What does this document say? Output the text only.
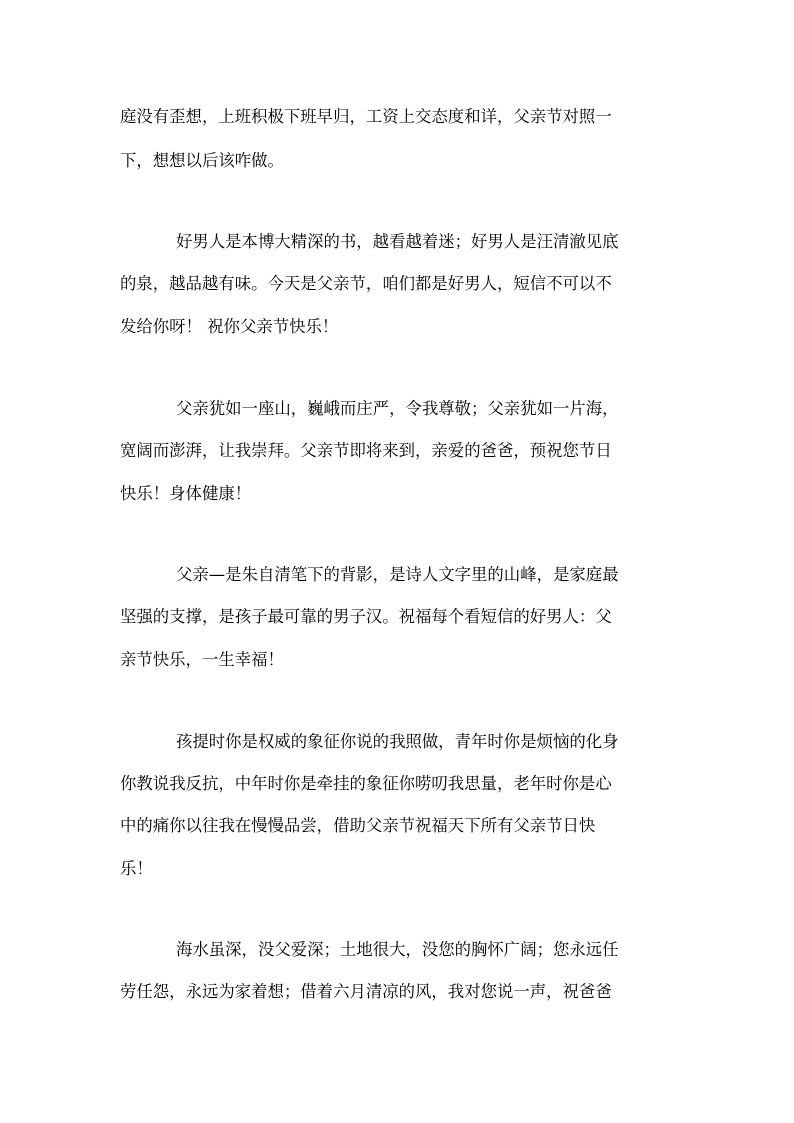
庭没有歪想，上班积极下班早归，工资上交态度和详，父亲节对照一
下，想想以后该咋做。
好男人是本博大精深的书，越看越着迷；好男人是汪清澈见底
的泉，越品越有味。今天是父亲节，咱们都是好男人，短信不可以不
发给你呀！ 祝你父亲节快乐！
父亲犹如一座山，巍峨而庄严，令我尊敬；父亲犹如一片海，
宽阔而澎湃，让我崇拜。父亲节即将来到，亲爱的爸爸，预祝您节日
快乐！身体健康！
父亲—是朱自清笔下的背影，是诗人文字里的山峰，是家庭最
坚强的支撑，是孩子最可靠的男子汉。祝福每个看短信的好男人：父
亲节快乐，一生幸福！
孩提时你是权威的象征你说的我照做，青年时你是烦恼的化身
你教说我反抗，中年时你是牵挂的象征你唠叨我思量，老年时你是心
中的痛你以往我在慢慢品尝，借助父亲节祝福天下所有父亲节日快
乐！
海水虽深，没父爱深；土地很大，没您的胸怀广阔；您永远任
劳任怨，永远为家着想；借着六月清凉的风，我对您说一声，祝爸爸
